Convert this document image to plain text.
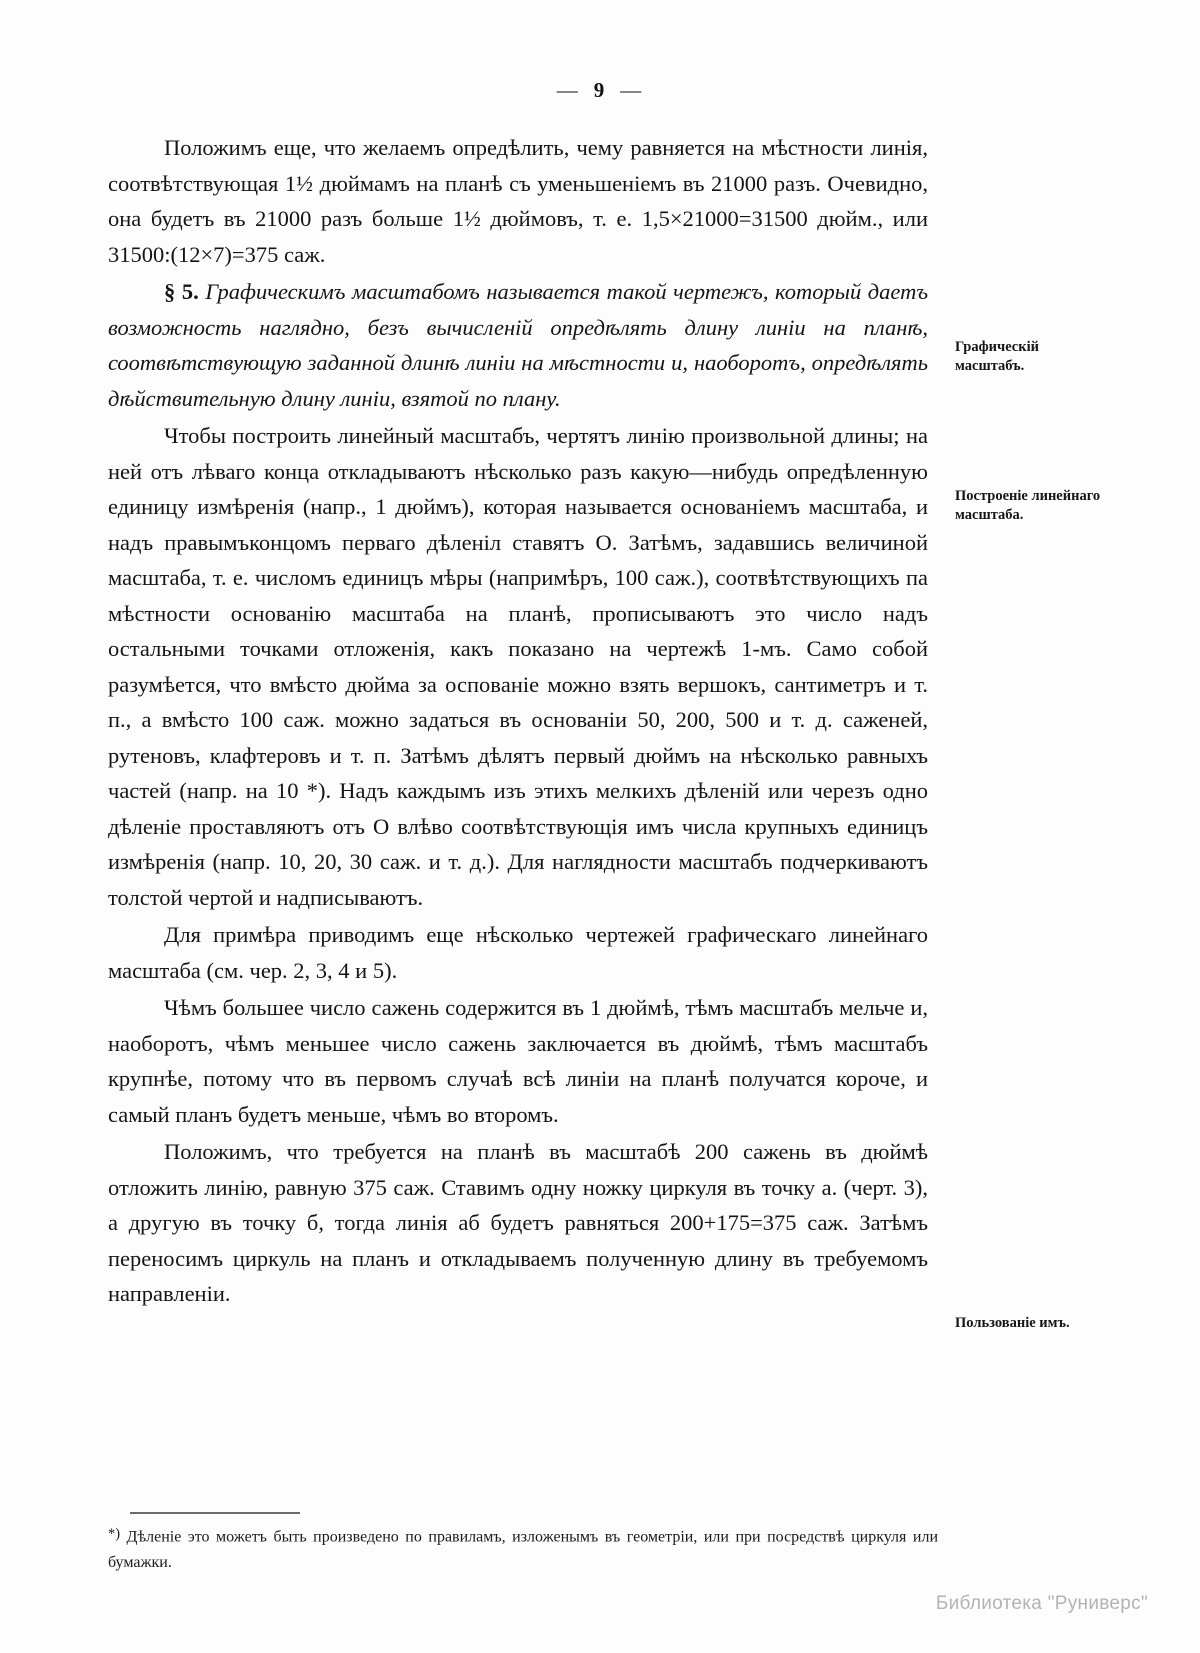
— 9 —

Положимъ еще, что желаемъ опредѣлить, чему равняется на мѣстности линія, соотвѣтствующая 1½ дюймамъ на планѣ съ уменьшеніемъ въ 21000 разъ. Очевидно, она будетъ въ 21000 разъ больше 1½ дюймовъ, т. е. 1,5×21000=31500 дюйм., или 31500:(12×7)=375 саж.

§ 5. Графическимъ масштабомъ называется такой чертежъ, который даетъ возможность наглядно, безъ вычисленій опредѣлять длину линіи на планѣ, соотвѣтствующую заданной длинѣ линіи на мѣстности и, наоборотъ, опредѣлять дѣйствительную длину линіи, взятой по плану.

Чтобы построить линейный масштабъ, чертятъ линію произвольной длины; на ней отъ лѣваго конца откладываютъ нѣсколько разъ какую—нибудь опредѣленную единицу измѣренія (напр., 1 дюймъ), которая называется основаніемъ масштаба, и надъ правымъконцомъ перваго дѣленіл ставятъ О. Затѣмъ, задавшись величиной масштаба, т. е. числомъ единицъ мѣры (напримѣръ, 100 саж.), соотвѣтствующихъ па мѣстности основанію масштаба на планѣ, прописываютъ это число надъ остальными точками отложенія, какъ показано на чертежѣ 1-мъ. Само собой разумѣется, что вмѣсто дюйма за осповaніе можно взять вершокъ, сантиметръ и т. п., а вмѣсто 100 саж. можно задаться въ основаніи 50, 200, 500 и т. д. саженей, рутеновъ, клафтеровъ и т. п. Затѣмъ дѣлятъ первый дюймъ на нѣсколько равныхъ частей (напр. на 10 *). Надъ каждымъ изъ этихъ мелкихъ дѣленій или черезъ одно дѣленіе проставляютъ отъ О влѣво соотвѣтствующія имъ числа крупныхъ единицъ измѣренія (напр. 10, 20, 30 саж. и т. д.). Для наглядности масштабъ подчеркиваютъ толстой чертой и надписываютъ.

Для примѣра приводимъ еще нѣсколько чертежей графическаго линейнаго масштаба (см. чер. 2, 3, 4 и 5).

Чѣмъ большее число сажень содержится въ 1 дюймѣ, тѣмъ масштабъ мельче и, наоборотъ, чѣмъ меньшее число сажень заключается въ дюймѣ, тѣмъ масштабъ крупнѣе, потому что въ первомъ случаѣ всѣ линіи на планѣ получатся короче, и самый планъ будетъ меньше, чѣмъ во второмъ.

Положимъ, что требуется на планѣ въ масштабѣ 200 сажень въ дюймѣ отложить линію, равную 375 саж. Ставимъ одну ножку циркуля въ точку а. (черт. 3), а другую въ точку б, тогда линія аб будетъ равняться 200+175=375 саж. Затѣмъ переносимъ циркуль на планъ и откладываемъ полученную длину въ требуемомъ направленіи.

Графическій масштабъ.
Построеніе линейнаго масштаба.
Пользованіе имъ.
*) Дѣленіе это можетъ быть произведено по правиламъ, изложенымъ въ геометріи, или при посредствѣ циркуля или бумажки.
Библиотека "Руниверс"
